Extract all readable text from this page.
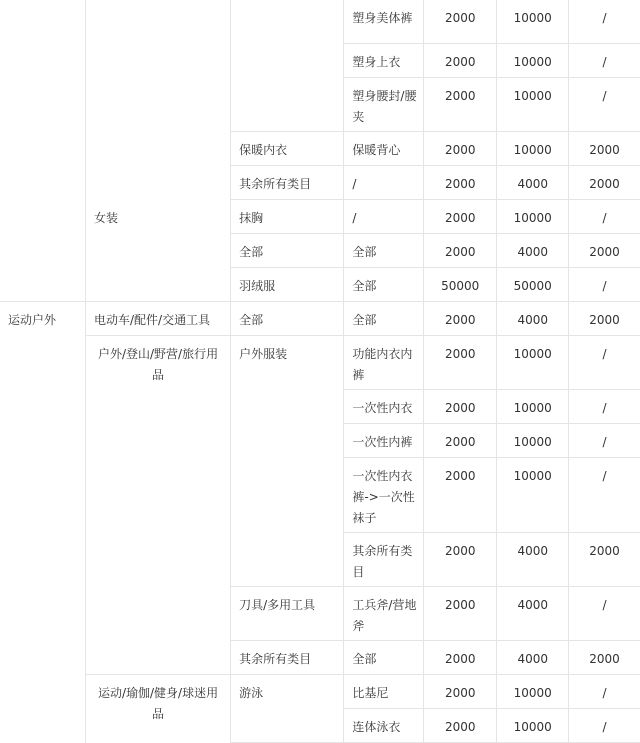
			塑身美体裤	2000	10000	/
			塑身上衣	2000	10000	/
			塑身腰封/腰夹	2000	10000	/
		保暖内衣	保暖背心	2000	10000	2000
		其余所有类目	/	2000	4000	2000
	女装	抹胸	/	2000	10000	/
		全部	全部	2000	4000	2000
		羽绒服	全部	50000	50000	/
运动户外	电动车/配件/交通工具	全部	全部	2000	4000	2000
	户外/登山/野营/旅行用品	户外服装	功能内衣内裤	2000	10000	/
			一次性内衣	2000	10000	/
			一次性内裤	2000	10000	/
			一次性内衣裤->一次性袜子	2000	10000	/
			其余所有类目	2000	4000	2000
		刀具/多用工具	工兵斧/营地斧	2000	4000	/
		其余所有类目	全部	2000	4000	2000
	运动/瑜伽/健身/球迷用品	游泳	比基尼	2000	10000	/
			连体泳衣	2000	10000	/
